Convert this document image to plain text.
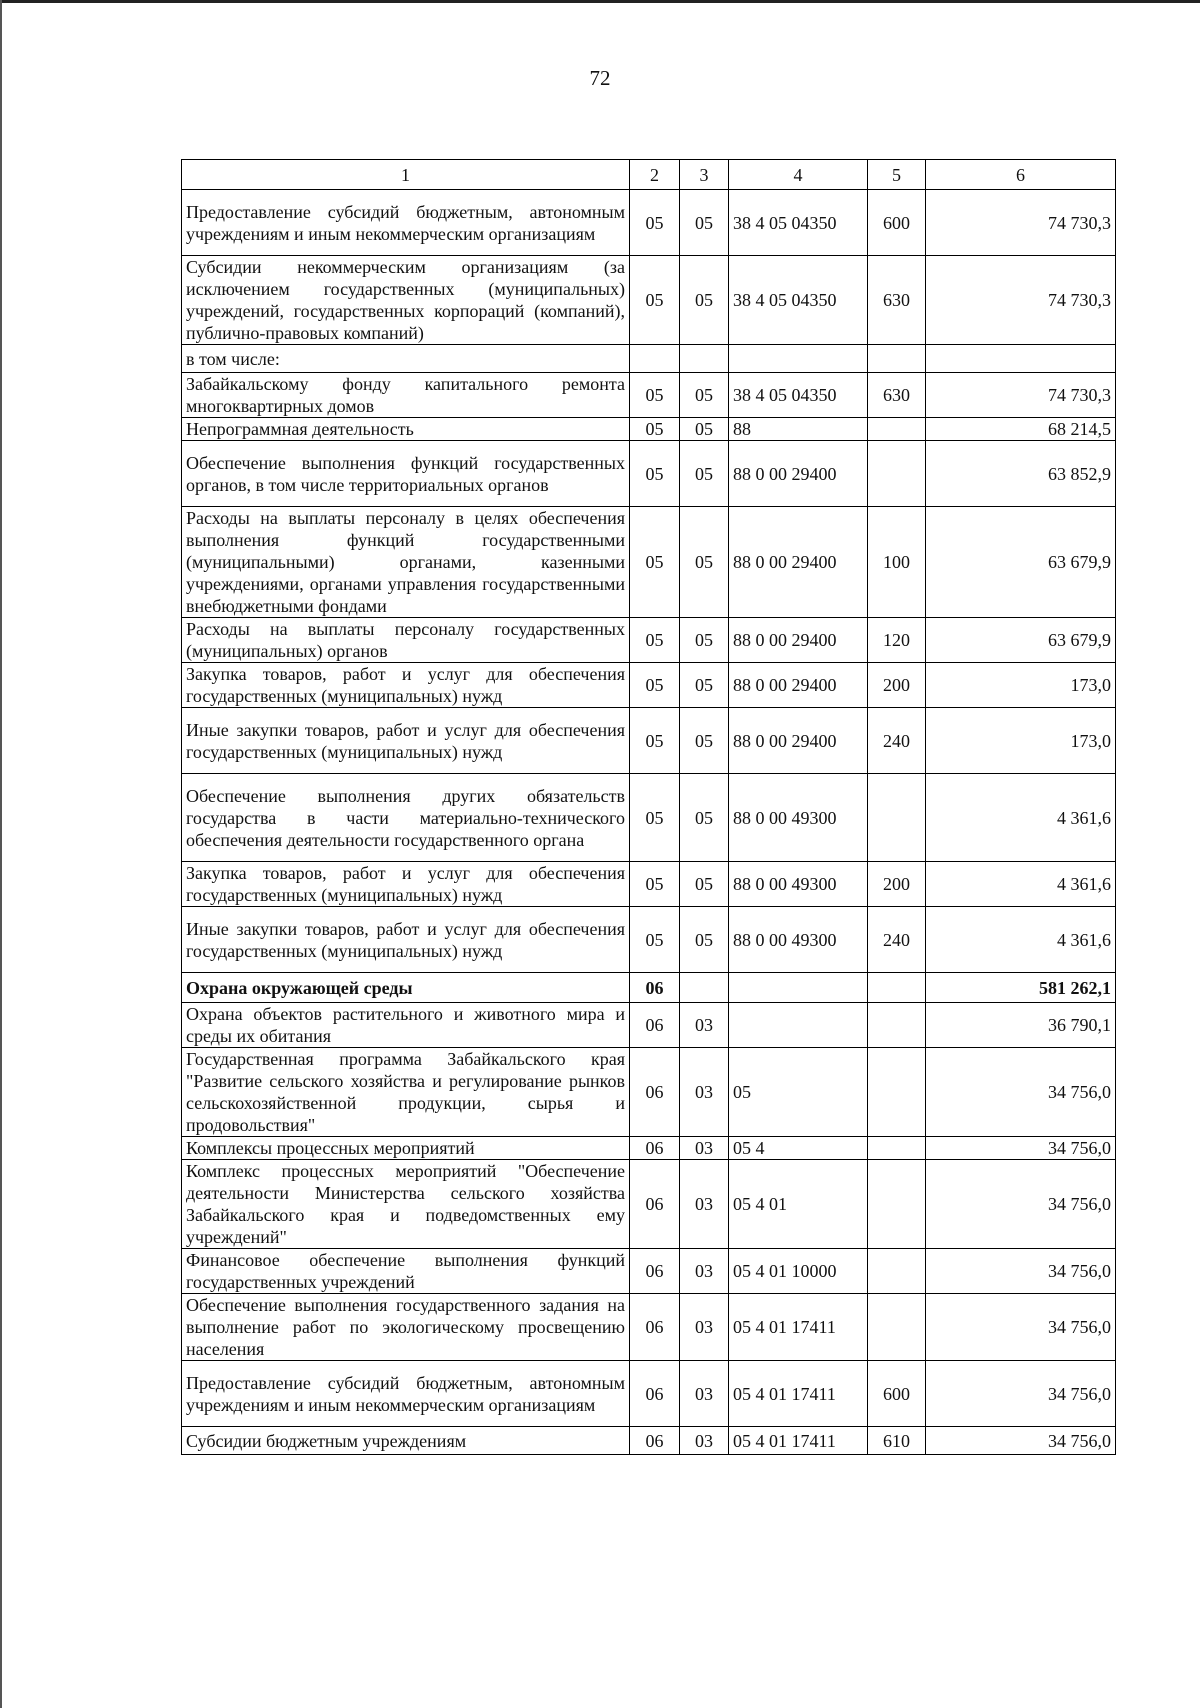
72
1	2	3	4	5	6
Предоставление субсидий бюджетным, автономным учреждениям и иным некоммерческим организациям	05	05	38 4 05 04350	600	74 730,3
Субсидии некоммерческим организациям (за исключением государственных (муниципальных) учреждений, государственных корпораций (компаний), публично-правовых компаний)	05	05	38 4 05 04350	630	74 730,3
в том числе:					
Забайкальскому фонду капитального ремонта многоквартирных домов	05	05	38 4 05 04350	630	74 730,3
Непрограммная деятельность	05	05	88		68 214,5
Обеспечение выполнения функций государственных органов, в том числе территориальных органов	05	05	88 0 00 29400		63 852,9
Расходы на выплаты персоналу в целях обеспечения выполнения функций государственными (муниципальными) органами, казенными учреждениями, органами управления государственными внебюджетными фондами	05	05	88 0 00 29400	100	63 679,9
Расходы на выплаты персоналу государственных (муниципальных) органов	05	05	88 0 00 29400	120	63 679,9
Закупка товаров, работ и услуг для обеспечения государственных (муниципальных) нужд	05	05	88 0 00 29400	200	173,0
Иные закупки товаров, работ и услуг для обеспечения государственных (муниципальных) нужд	05	05	88 0 00 29400	240	173,0
Обеспечение выполнения других обязательств государства в части материально-технического обеспечения деятельности государственного органа	05	05	88 0 00 49300		4 361,6
Закупка товаров, работ и услуг для обеспечения государственных (муниципальных) нужд	05	05	88 0 00 49300	200	4 361,6
Иные закупки товаров, работ и услуг для обеспечения государственных (муниципальных) нужд	05	05	88 0 00 49300	240	4 361,6
Охрана окружающей среды	06				581 262,1
Охрана объектов растительного и животного мира и среды их обитания	06	03			36 790,1
Государственная программа Забайкальского края "Развитие сельского хозяйства и регулирование рынков сельскохозяйственной продукции, сырья и продовольствия"	06	03	05		34 756,0
Комплексы процессных мероприятий	06	03	05 4		34 756,0
Комплекс процессных мероприятий "Обеспечение деятельности Министерства сельского хозяйства Забайкальского края и подведомственных ему учреждений"	06	03	05 4 01		34 756,0
Финансовое обеспечение выполнения функций государственных учреждений	06	03	05 4 01 10000		34 756,0
Обеспечение выполнения государственного задания на выполнение работ по экологическому просвещению населения	06	03	05 4 01 17411		34 756,0
Предоставление субсидий бюджетным, автономным учреждениям и иным некоммерческим организациям	06	03	05 4 01 17411	600	34 756,0
Субсидии бюджетным учреждениям	06	03	05 4 01 17411	610	34 756,0
